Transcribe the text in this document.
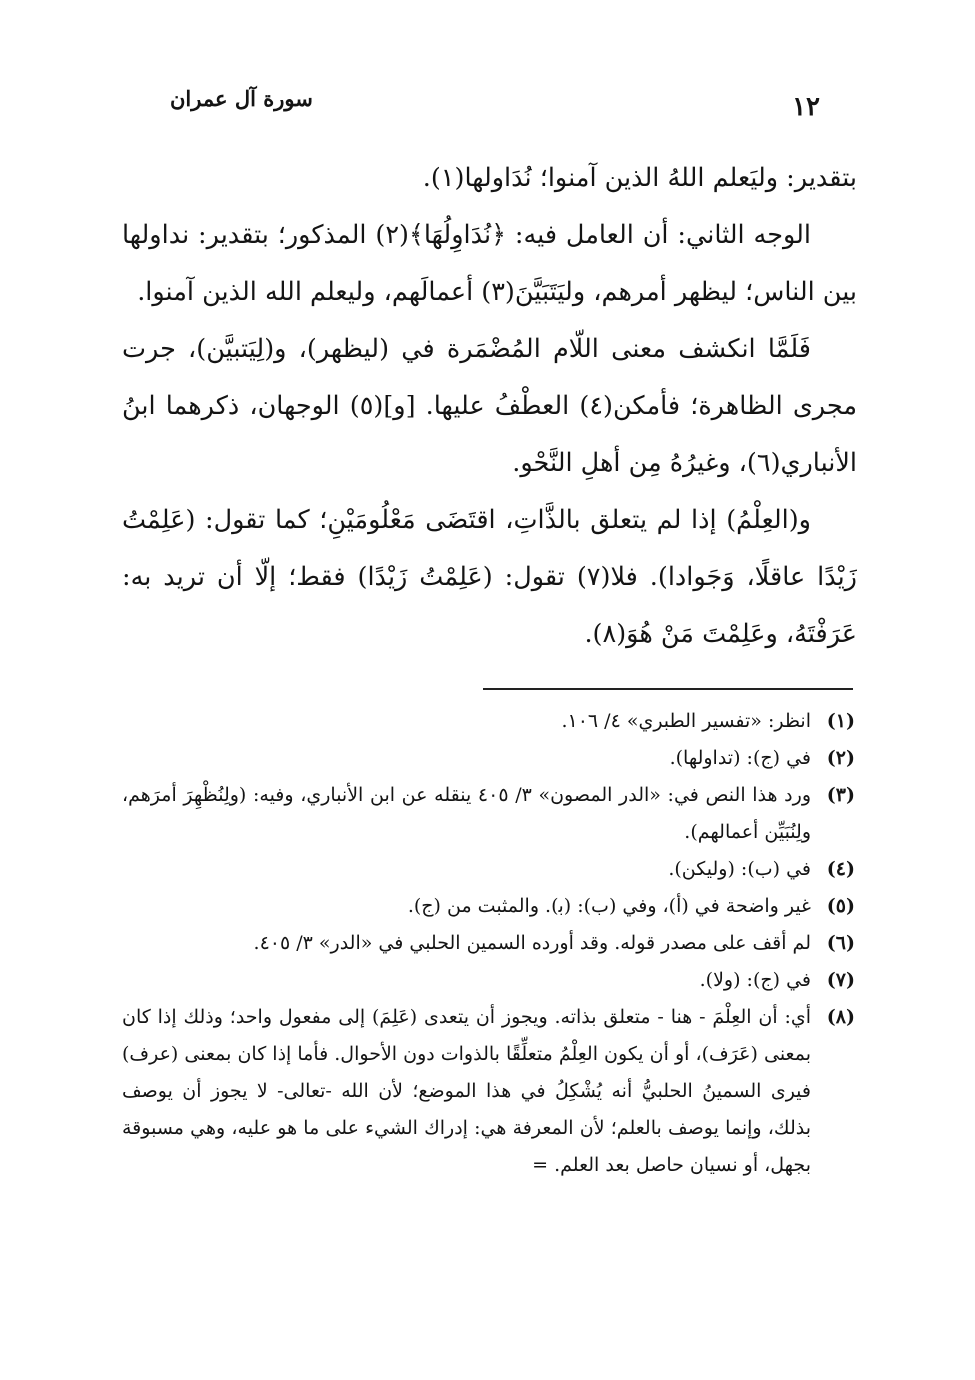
١٢
سورة آل عمران

بتقدير: وليَعلم اللهُ الذين آمنوا؛ نُدَاولها(١).

الوجه الثاني: أن العامل فيه: ﴿نُدَاوِلُهَا﴾(٢) المذكور؛ بتقدير: نداولها بين الناس؛ ليظهر أمرهم، وليَتَبَيَّنَ(٣) أعمالَهم، وليعلم الله الذين آمنوا.

فَلَمَّا انكشف معنى اللّام المُضْمَرة في (ليظهر)، و(لِيَتبيَّن)، جرت مجرى الظاهرة؛ فأمكن(٤) العطْفُ عليها. [و](٥) الوجهان، ذكرهما ابنُ الأنباري(٦)، وغيرُهُ مِن أهلِ النَّحْو.

و(العِلْمُ) إذا لم يتعلق بالذَّاتِ، اقتَضَى مَعْلُومَيْنِ؛ كما تقول: (عَلِمْتُ زَيْدًا عاقلًا، وَجَوادا). فلا(٧) تقول: (عَلِمْتُ زَيْدًا) فقط؛ إلّا أن تريد به: عَرَفْتَهُ، وعَلِمْتَ مَنْ هُوَ(٨).

(١)
انظر: «تفسير الطبري» ٤/ ١٠٦.
(٢)
في (ج): (تداولها).
(٣)
ورد هذا النص في: «الدر المصون» ٣/ ٤٠٥ ينقله عن ابن الأنباري، وفيه: (ولِنُظْهِرَ أمرَهم، ولِنُبَيِّن أعمالهم).
(٤)
في (ب): (وليكن).
(٥)
غير واضحة في (أ)، وفي (ب): (ﺑ). والمثبت من (ج).
(٦)
لم أقف على مصدر قوله. وقد أورده السمين الحلبي في «الدر» ٣/ ٤٠٥.
(٧)
في (ج): (ولا).
(٨)
أي: أن العِلْمَ - هنا - متعلق بذاته. ويجوز أن يتعدى (عَلِمَ) إلى مفعول واحد؛ وذلك إذا كان بمعنى (عَرَف)، أو أن يكون العِلْمُ متعلِّقًا بالذوات دون الأحوال. فأما إذا كان بمعنى (عرف) فيرى السمينُ الحلبيُّ أنه يُشْكِلُ في هذا الموضع؛ لأن الله -تعالى- لا يجوز أن يوصف بذلك، وإنما يوصف بالعلم؛ لأن المعرفة هي: إدراك الشيء على ما هو عليه، وهي مسبوقة بجهل، أو نسيان حاصل بعد العلم. =
